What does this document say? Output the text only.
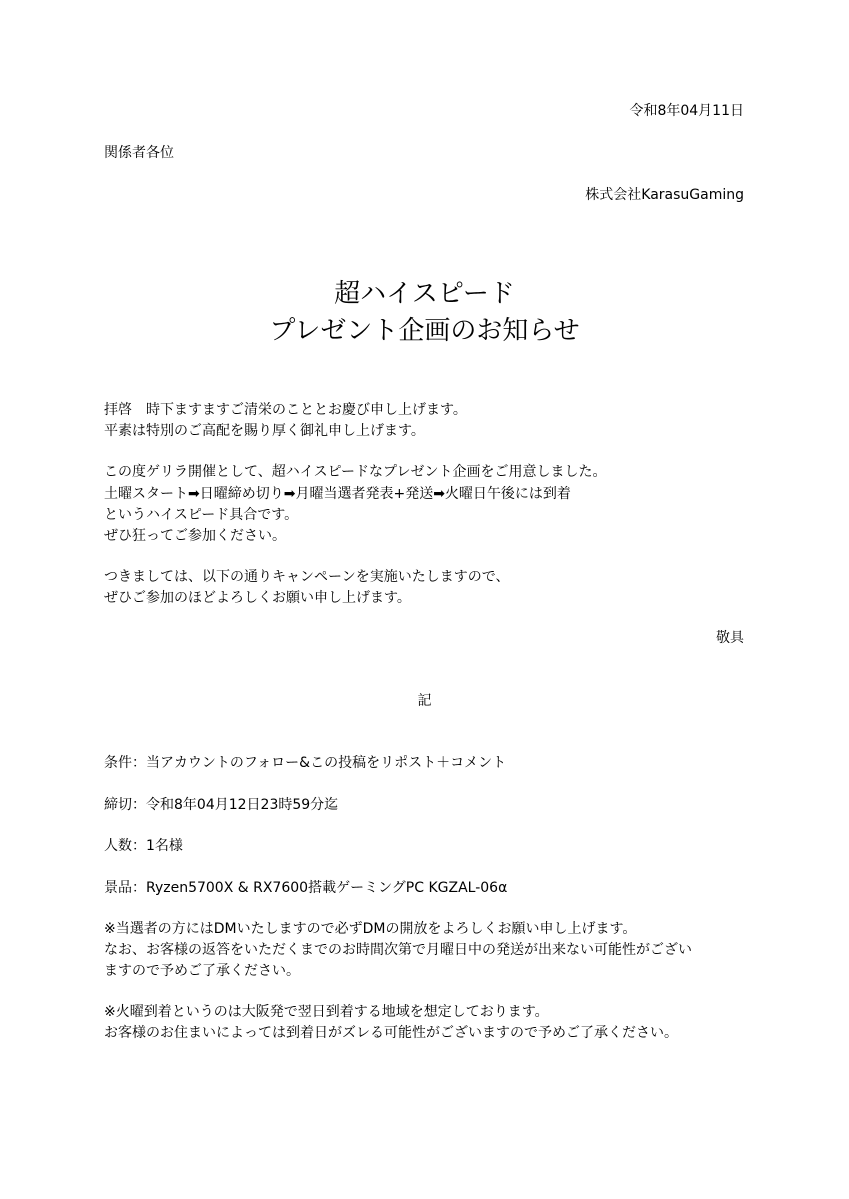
令和8年04月11日
関係者各位
株式会社KarasuGaming
超ハイスピード
プレゼント企画のお知らせ
拝啓　時下ますますご清栄のこととお慶び申し上げます。
平素は特別のご高配を賜り厚く御礼申し上げます。
この度ゲリラ開催として、超ハイスピードなプレゼント企画をご用意しました。
土曜スタート➡日曜締め切り➡月曜当選者発表+発送➡火曜日午後には到着
というハイスピード具合です。
ぜひ狂ってご参加ください。
つきましては、以下の通りキャンペーンを実施いたしますので、
ぜひご参加のほどよろしくお願い申し上げます。
敬具
記
条件：当アカウントのフォロー&この投稿をリポスト＋コメント
締切：令和8年04月12日23時59分迄
人数：1名様
景品：Ryzen5700X & RX7600搭載ゲーミングPC KGZAL-06α
※当選者の方にはDMいたしますので必ずDMの開放をよろしくお願い申し上げます。
なお、お客様の返答をいただくまでのお時間次第で月曜日中の発送が出来ない可能性がござい
ますので予めご了承ください。
※火曜到着というのは大阪発で翌日到着する地域を想定しております。
お客様のお住まいによっては到着日がズレる可能性がございますので予めご了承ください。
